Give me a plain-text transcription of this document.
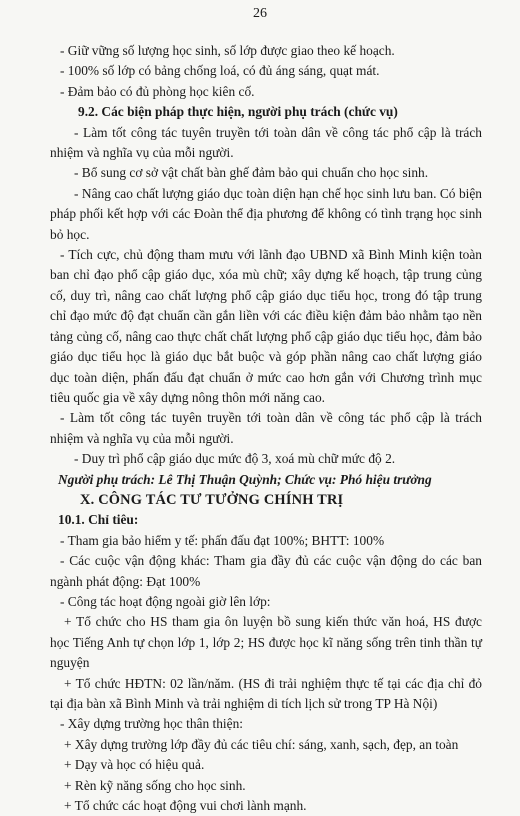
26

- Giữ vững số lượng học sinh, số lớp được giao theo kế hoạch.

- 100% số lớp có bảng chống loá, có đủ áng sáng, quạt mát.

- Đảm bảo có đủ phòng học kiên cố.

9.2. Các biện pháp thực hiện, người phụ trách (chức vụ)

- Làm tốt công tác tuyên truyền tới toàn dân về công tác phổ cập là trách nhiệm và nghĩa vụ của mỗi người.

- Bổ sung cơ sở vật chất bàn ghế đảm bảo qui chuẩn cho học sinh.

- Nâng cao chất lượng giáo dục toàn diện hạn chế học sinh lưu ban. Có biện pháp phối kết hợp với các Đoàn thể địa phương để không có tình trạng học sinh bỏ học.

- Tích cực, chủ động tham mưu với lãnh đạo UBND xã Bình Minh kiện toàn ban chỉ đạo phổ cập giáo dục, xóa mù chữ; xây dựng kế hoạch, tập trung củng cố, duy trì, nâng cao chất lượng phổ cập giáo dục tiểu học, trong đó tập trung chỉ đạo mức độ đạt chuẩn cần gắn liền với các điều kiện đảm bảo nhằm tạo nền tảng củng cố, nâng cao thực chất chất lượng phổ cập giáo dục tiểu học, đảm bảo giáo dục tiểu học là giáo dục bắt buộc và góp phần nâng cao chất lượng giáo dục toàn diện, phấn đấu đạt chuẩn ở mức cao hơn gắn với Chương trình mục tiêu quốc gia về xây dựng nông thôn mới năng cao.

- Làm tốt công tác tuyên truyền tới toàn dân về công tác phổ cập là trách nhiệm và nghĩa vụ của mỗi người.

- Duy trì phổ cập giáo dục mức độ 3, xoá mù chữ mức độ 2.

Người phụ trách: Lê Thị Thuận Quỳnh; Chức vụ: Phó hiệu trưởng

X. CÔNG TÁC TƯ TƯỞNG CHÍNH TRỊ

10.1. Chỉ tiêu:

- Tham gia bảo hiểm y tế: phấn đấu đạt 100%; BHTT: 100%

- Các cuộc vận động khác: Tham gia đầy đủ các cuộc vận động do các ban ngành phát động: Đạt 100%

- Công tác hoạt động ngoài giờ lên lớp:

+ Tổ chức cho HS tham gia ôn luyện bồ sung kiến thức văn hoá, HS được học Tiếng Anh tự chọn lớp 1, lớp 2; HS được học kĩ năng sống trên tinh thần tự nguyện

+ Tổ chức HĐTN: 02 lần/năm. (HS đi trải nghiệm thực tế tại các địa chỉ đỏ tại địa bàn xã Bình Minh và trải nghiệm di tích lịch sử trong TP Hà Nội)

- Xây dựng trường học thân thiện:

+ Xây dựng trường lớp đầy đủ các tiêu chí: sáng, xanh, sạch, đẹp, an toàn

+ Dạy và học có hiệu quả.

+ Rèn kỹ năng sống cho học sinh.

+ Tổ chức các hoạt động vui chơi lành mạnh.
